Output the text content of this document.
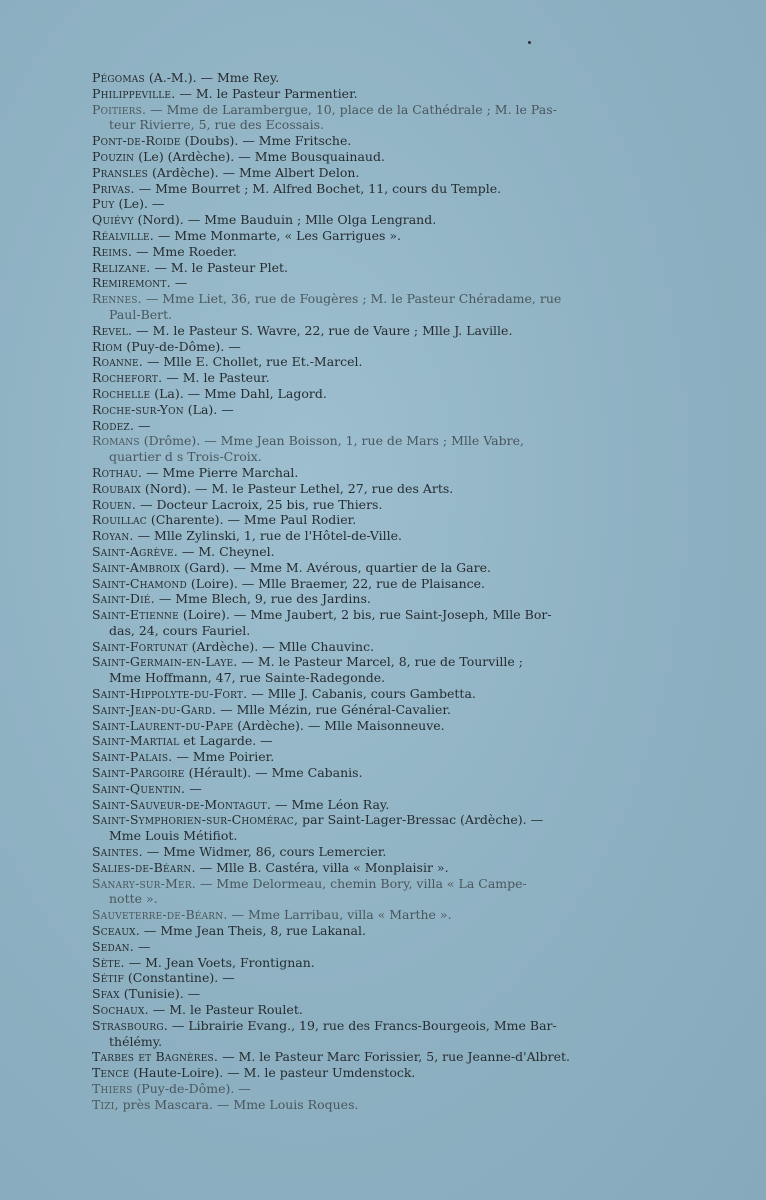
Pégomas (A.-M.). — Mme Rey.
Philippeville. — M. le Pasteur Parmentier.
Poitiers. — Mme de Larambergue, 10, place de la Cathédrale ; M. le Pas-
teur Rivierre, 5, rue des Ecossais.
Pont-de-Roide (Doubs). — Mme Fritsche.
Pouzin (Le) (Ardèche). — Mme Bousquainaud.
Pransles (Ardèche). — Mme Albert Delon.
Privas. — Mme Bourret ; M. Alfred Bochet, 11, cours du Temple.
Puy (Le). —
Quiévy (Nord). — Mme Bauduin ; Mlle Olga Lengrand.
Réalville. — Mme Monmarte, « Les Garrigues ».
Reims. — Mme Roeder.
Relizane. — M. le Pasteur Plet.
Remiremont. —
Rennes. — Mme Liet, 36, rue de Fougères ; M. le Pasteur Chéradame, rue
Paul-Bert.
Revel. — M. le Pasteur S. Wavre, 22, rue de Vaure ; Mlle J. Laville.
Riom (Puy-de-Dôme). —
Roanne. — Mlle E. Chollet, rue Et.-Marcel.
Rochefort. — M. le Pasteur.
Rochelle (La). — Mme Dahl, Lagord.
Roche-sur-Yon (La). —
Rodez. —
Romans (Drôme). — Mme Jean Boisson, 1, rue de Mars ; Mlle Vabre,
quartier d s Trois-Croix.
Rothau. — Mme Pierre Marchal.
Roubaix (Nord). — M. le Pasteur Lethel, 27, rue des Arts.
Rouen. — Docteur Lacroix, 25 bis, rue Thiers.
Rouillac (Charente). — Mme Paul Rodier.
Royan. — Mlle Zylinski, 1, rue de l'Hôtel-de-Ville.
Saint-Agrève. — M. Cheynel.
Saint-Ambroix (Gard). — Mme M. Avérous, quartier de la Gare.
Saint-Chamond (Loire). — Mlle Braemer, 22, rue de Plaisance.
Saint-Dié. — Mme Blech, 9, rue des Jardins.
Saint-Etienne (Loire). — Mme Jaubert, 2 bis, rue Saint-Joseph, Mlle Bor-
das, 24, cours Fauriel.
Saint-Fortunat (Ardèche). — Mlle Chauvinc.
Saint-Germain-en-Laye. — M. le Pasteur Marcel, 8, rue de Tourville ;
Mme Hoffmann, 47, rue Sainte-Radegonde.
Saint-Hippolyte-du-Fort. — Mlle J. Cabanis, cours Gambetta.
Saint-Jean-du-Gard. — Mlle Mézin, rue Général-Cavalier.
Saint-Laurent-du-Pape (Ardèche). — Mlle Maisonneuve.
Saint-Martial et Lagarde. —
Saint-Palais. — Mme Poirier.
Saint-Pargoire (Hérault). — Mme Cabanis.
Saint-Quentin. —
Saint-Sauveur-de-Montagut. — Mme Léon Ray.
Saint-Symphorien-sur-Chomérac, par Saint-Lager-Bressac (Ardèche). —
Mme Louis Métifiot.
Saintes. — Mme Widmer, 86, cours Lemercier.
Salies-de-Béarn. — Mlle B. Castéra, villa « Monplaisir ».
Sanary-sur-Mer. — Mme Delormeau, chemin Bory, villa « La Campe-
notte ».
Sauveterre-de-Béarn. — Mme Larribau, villa « Marthe ».
Sceaux. — Mme Jean Theis, 8, rue Lakanal.
Sedan. —
Sète. — M. Jean Voets, Frontignan.
Sétif (Constantine). —
Sfax (Tunisie). —
Sochaux. — M. le Pasteur Roulet.
Strasbourg. — Librairie Evang., 19, rue des Francs-Bourgeois, Mme Bar-
thélémy.
Tarbes et Bagnères. — M. le Pasteur Marc Forissier, 5, rue Jeanne-d'Albret.
Tence (Haute-Loire). — M. le pasteur Umdenstock.
Thiers (Puy-de-Dôme). —
Tizi, près Mascara. — Mme Louis Roques.
